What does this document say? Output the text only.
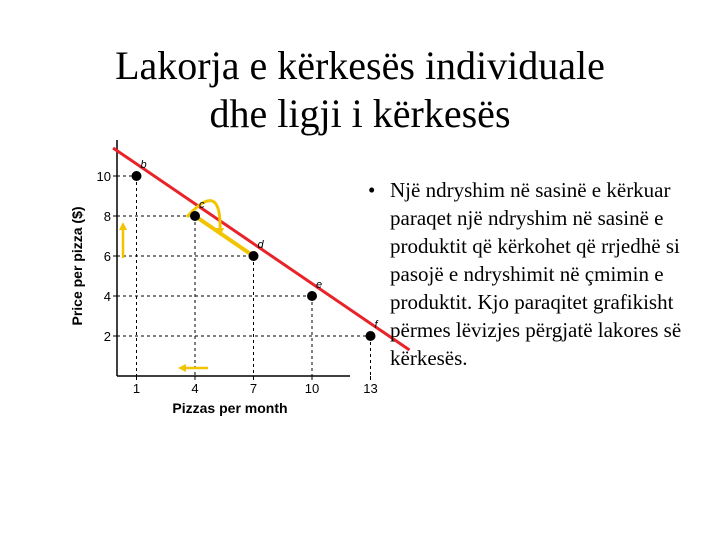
Lakorja e kërkesës individuale
dhe ligji i kërkesës
b
c
d
e
f
1	4	7	10	13
2
4
6
8
10
Pizzas per month
Price per pizza ($)
• Një ndryshim në sasinë e kërkuar paraqet një ndryshim në sasinë e produktit që kërkohet që rrjedhë si pasojë e ndryshimit në çmimin e produktit. Kjo paraqitet grafikisht përmes lëvizjes përgjatë lakores së kërkesës.
